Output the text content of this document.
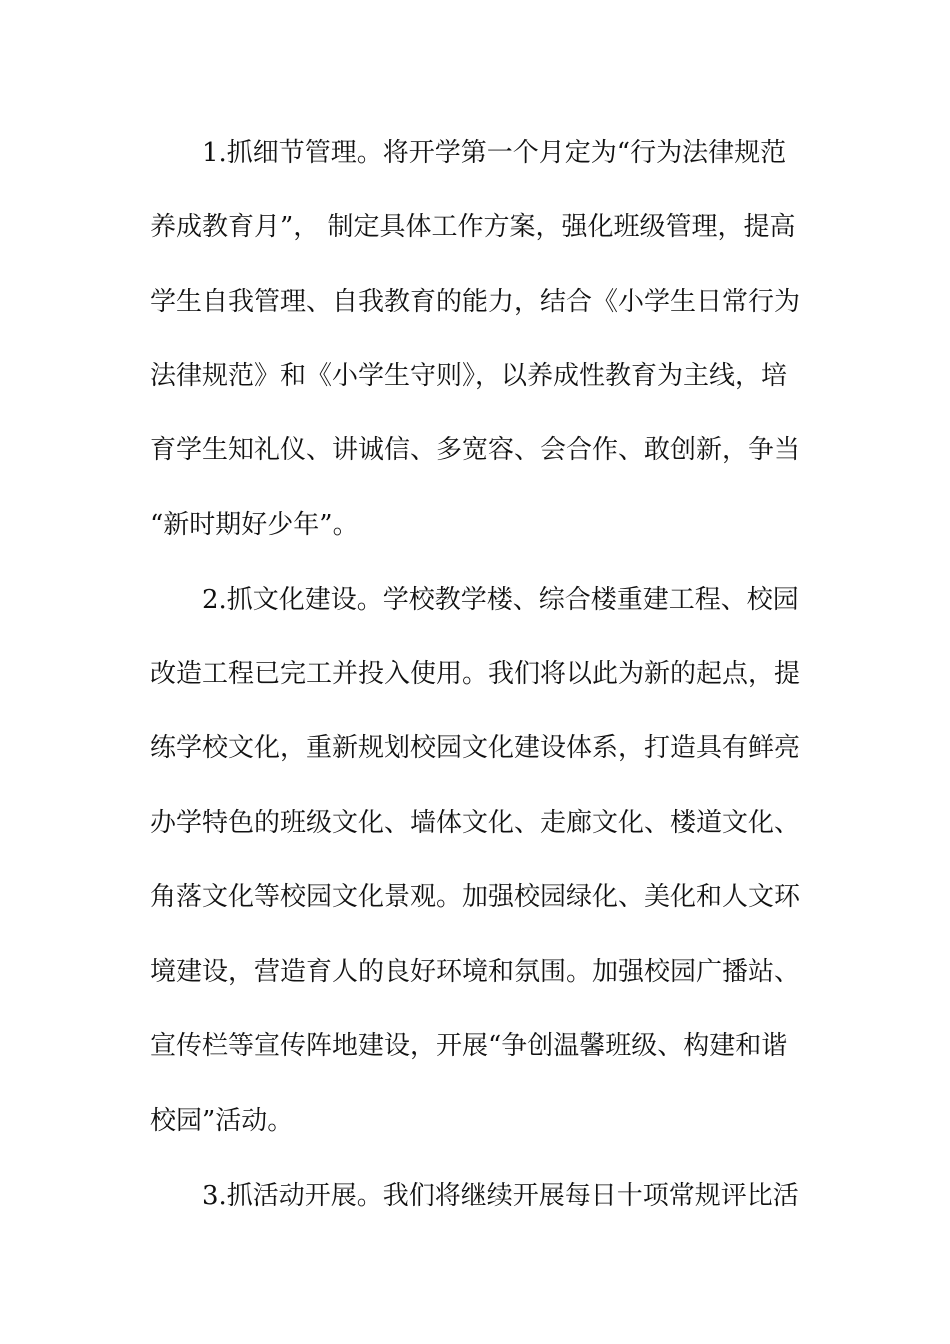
1.抓细节管理。将开学第一个月定为“行为法律规范
养成教育月”， 制定具体工作方案，强化班级管理，提高
学生自我管理、自我教育的能力，结合《小学生日常行为
法律规范》和《小学生守则》，以养成性教育为主线，培
育学生知礼仪、讲诚信、多宽容、会合作、敢创新，争当
“新时期好少年”。
2.抓文化建设。学校教学楼、综合楼重建工程、校园
改造工程已完工并投入使用。我们将以此为新的起点，提
练学校文化，重新规划校园文化建设体系，打造具有鲜亮
办学特色的班级文化、墙体文化、走廊文化、楼道文化、
角落文化等校园文化景观。加强校园绿化、美化和人文环
境建设，营造育人的良好环境和氛围。加强校园广播站、
宣传栏等宣传阵地建设，开展“争创温馨班级、构建和谐
校园”活动。
3.抓活动开展。我们将继续开展每日十项常规评比活
